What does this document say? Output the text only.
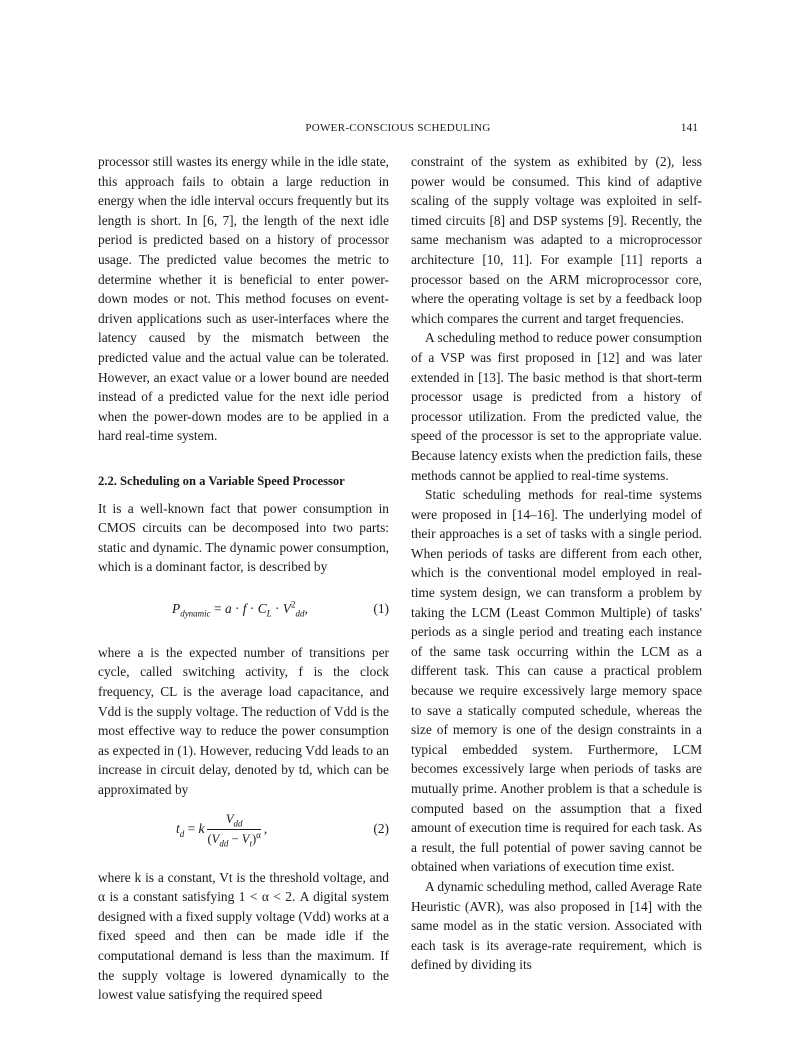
POWER-CONSCIOUS SCHEDULING	141

processor still wastes its energy while in the idle state, this approach fails to obtain a large reduction in energy when the idle interval occurs frequently but its length is short. In [6, 7], the length of the next idle period is predicted based on a history of processor usage. The predicted value becomes the metric to determine whether it is beneficial to enter power-down modes or not. This method focuses on event-driven applications such as user-interfaces where the latency caused by the mismatch between the predicted value and the actual value can be tolerated. However, an exact value or a lower bound are needed instead of a predicted value for the next idle period when the power-down modes are to be applied in a hard real-time system.

2.2. Scheduling on a Variable Speed Processor

It is a well-known fact that power consumption in CMOS circuits can be decomposed into two parts: static and dynamic. The dynamic power consumption, which is a dominant factor, is described by

$P_{dynamic} = a \cdot f \cdot C_L \cdot V^2_{dd}$,	(1)

where a is the expected number of transitions per cycle, called switching activity, f is the clock frequency, CL is the average load capacitance, and Vdd is the supply voltage. The reduction of Vdd is the most effective way to reduce the power consumption as expected in (1). However, reducing Vdd leads to an increase in circuit delay, denoted by td, which can be approximated by

$t_d = k \frac{V_{dd}}{(V_{dd} - V_t)^\alpha}$ ,	(2)

where k is a constant, Vt is the threshold voltage, and α is a constant satisfying 1 < α < 2. A digital system designed with a fixed supply voltage (Vdd) works at a fixed speed and then can be made idle if the computational demand is less than the maximum. If the supply voltage is lowered dynamically to the lowest value satisfying the required speed

constraint of the system as exhibited by (2), less power would be consumed. This kind of adaptive scaling of the supply voltage was exploited in self-timed circuits [8] and DSP systems [9]. Recently, the same mechanism was adapted to a microprocessor architecture [10, 11]. For example [11] reports a processor based on the ARM microprocessor core, where the operating voltage is set by a feedback loop which compares the current and target frequencies.

A scheduling method to reduce power consumption of a VSP was first proposed in [12] and was later extended in [13]. The basic method is that short-term processor usage is predicted from a history of processor utilization. From the predicted value, the speed of the processor is set to the appropriate value. Because latency exists when the prediction fails, these methods cannot be applied to real-time systems.

Static scheduling methods for real-time systems were proposed in [14–16]. The underlying model of their approaches is a set of tasks with a single period. When periods of tasks are different from each other, which is the conventional model employed in real-time system design, we can transform a problem by taking the LCM (Least Common Multiple) of tasks' periods as a single period and treating each instance of the same task occurring within the LCM as a different task. This can cause a practical problem because we require excessively large memory space to save a statically computed schedule, whereas the size of memory is one of the design constraints in a typical embedded system. Furthermore, LCM becomes excessively large when periods of tasks are mutually prime. Another problem is that a schedule is computed based on the assumption that a fixed amount of execution time is required for each task. As a result, the full potential of power saving cannot be obtained when variations of execution time exist.

A dynamic scheduling method, called Average Rate Heuristic (AVR), was also proposed in [14] with the same model as in the static version. Associated with each task is its average-rate requirement, which is defined by dividing its
